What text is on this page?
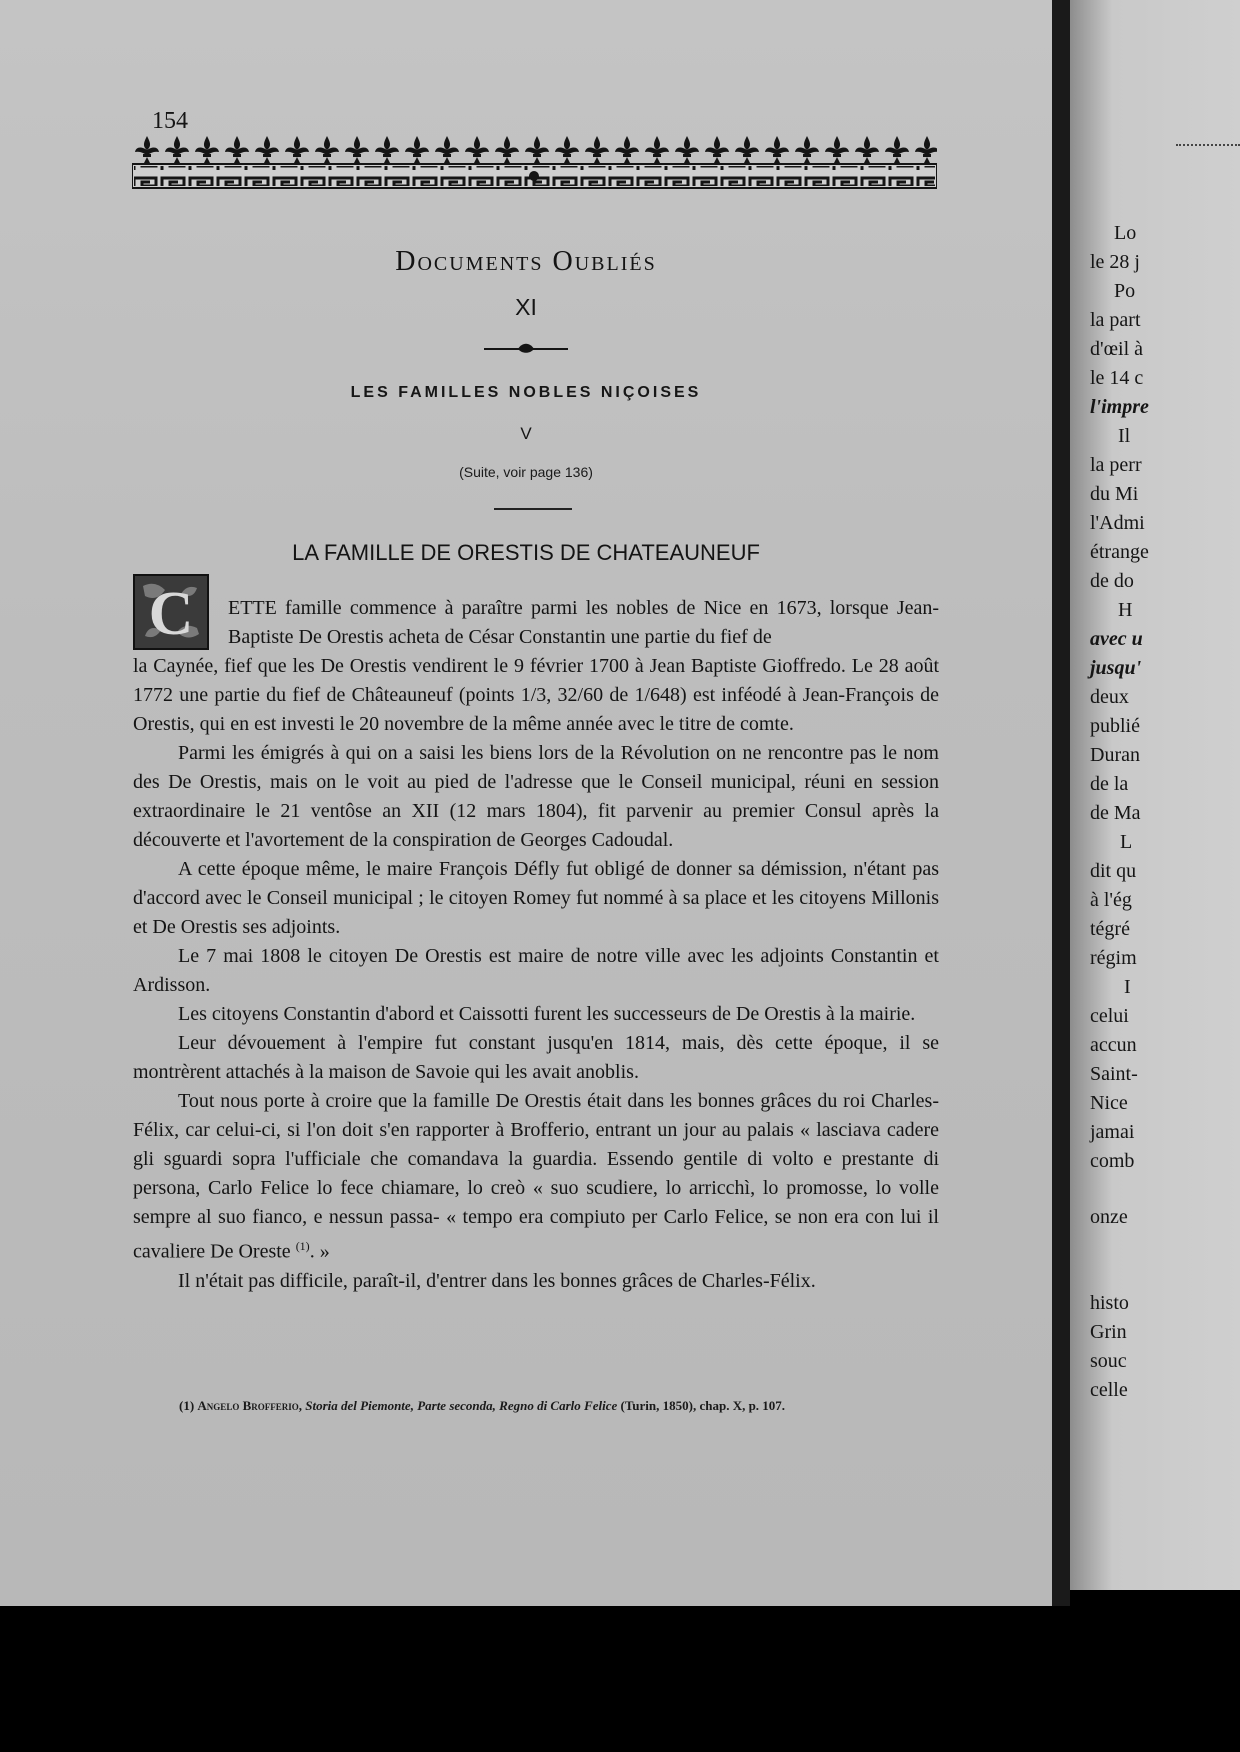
154
Documents Oubliés
XI
LES FAMILLES NOBLES NIÇOISES
V
(Suite, voir page 136)
LA FAMILLE DE ORESTIS DE CHATEAUNEUF
C	ETTE famille commence à paraître parmi les nobles de Nice en 1673, lorsque Jean-Baptiste De Orestis acheta de César Constantin une partie du fief de
la Caynée, fief que les De Orestis vendirent le 9 février 1700 à Jean Baptiste Gioffredo. Le 28 août 1772 une partie du fief de Châteauneuf (points 1/3, 32/60 de 1/648) est inféodé à Jean-François de Orestis, qui en est investi le 20 novembre de la même année avec le titre de comte.

Parmi les émigrés à qui on a saisi les biens lors de la Révolution on ne rencontre pas le nom des De Orestis, mais on le voit au pied de l'adresse que le Conseil municipal, réuni en session extraordinaire le 21 ventôse an XII (12 mars 1804), fit parvenir au premier Consul après la découverte et l'avortement de la conspiration de Georges Cadoudal.

A cette époque même, le maire François Défly fut obligé de donner sa démission, n'étant pas d'accord avec le Conseil municipal ; le citoyen Romey fut nommé à sa place et les citoyens Millonis et De Orestis ses adjoints.

Le 7 mai 1808 le citoyen De Orestis est maire de notre ville avec les adjoints Constantin et Ardisson.

Les citoyens Constantin d'abord et Caissotti furent les successeurs de De Orestis à la mairie.

Leur dévouement à l'empire fut constant jusqu'en 1814, mais, dès cette époque, il se montrèrent attachés à la maison de Savoie qui les avait anoblis.

Tout nous porte à croire que la famille De Orestis était dans les bonnes grâces du roi Charles-Félix, car celui-ci, si l'on doit s'en rapporter à Brofferio, entrant un jour au palais « lasciava cadere gli sguardi sopra l'ufficiale che comandava la guardia. Essendo gentile di volto e prestante di persona, Carlo Felice lo fece chiamare, lo creò « suo scudiere, lo arricchì, lo promosse, lo volle sempre al suo fianco, e nessun passa- « tempo era compiuto per Carlo Felice, se non era con lui il cavaliere De Oreste $^{(1)}$. »

Il n'était pas difficile, paraît-il, d'entrer dans les bonnes grâces de Charles-Félix.

(1) Angelo Brofferio, Storia del Piemonte, Parte seconda, Regno di Carlo Felice (Turin, 1850), chap. X, p. 107.
Lo
le 28 j
Po
la part
d'œil à
le 14 c
l'impre
Il
la perr
du Mi
l'Admi
étrange
de do
H
avec u
jusqu'
deux
publié
Duran
de la
de Ma
L
dit qu
à l'ég
tégré
régim
I
celui
accun
Saint-
Nice
jamai
comb
onze
histo
Grin
souc
celle
